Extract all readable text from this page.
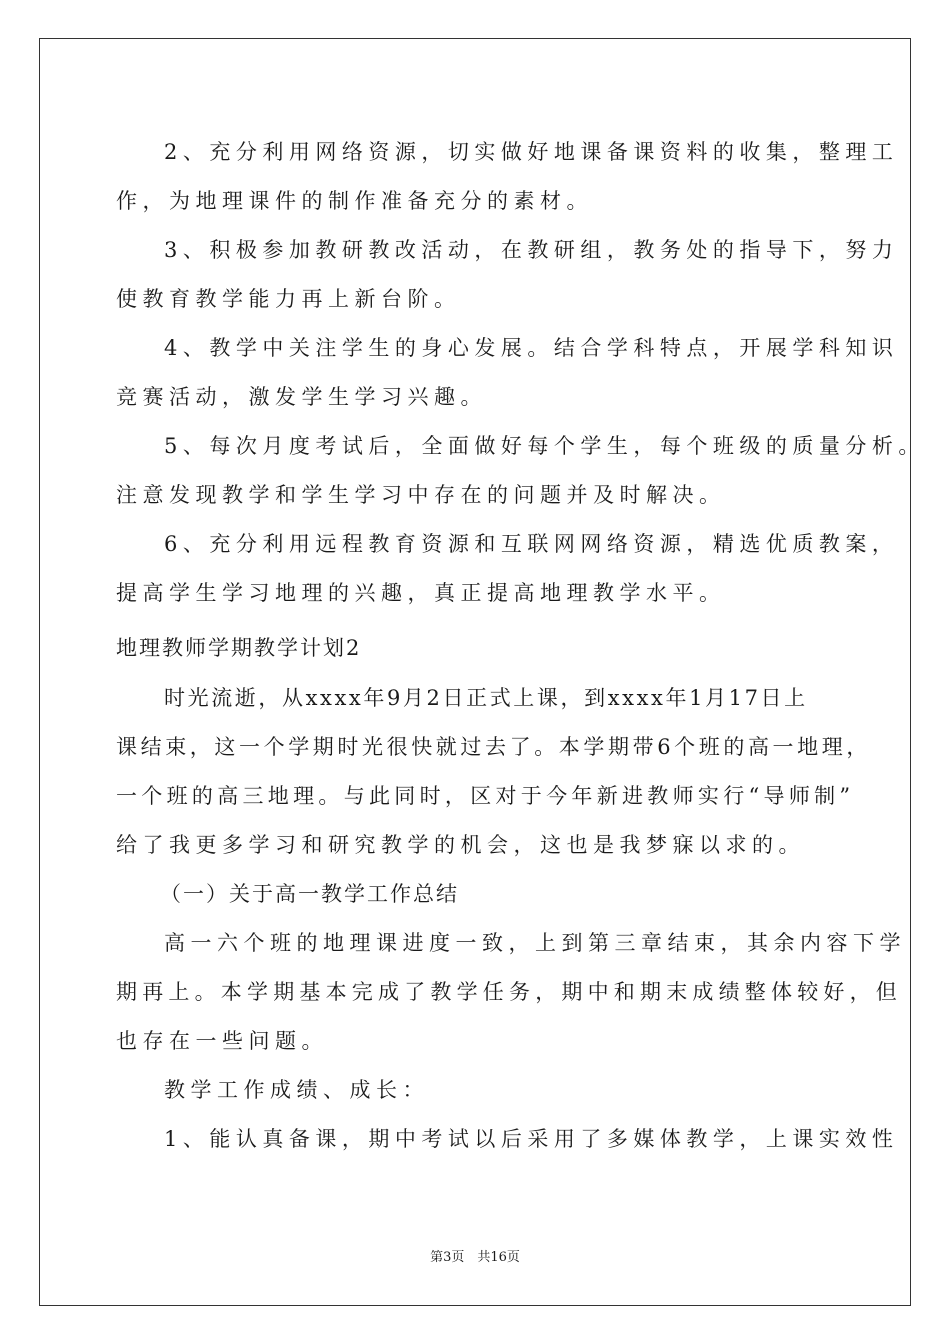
2、充分利用网络资源，切实做好地课备课资料的收集，整理工
作，为地理课件的制作准备充分的素材。
3、积极参加教研教改活动，在教研组，教务处的指导下，努力
使教育教学能力再上新台阶。
4、教学中关注学生的身心发展。结合学科特点，开展学科知识
竞赛活动，激发学生学习兴趣。
5、每次月度考试后，全面做好每个学生，每个班级的质量分析。
注意发现教学和学生学习中存在的问题并及时解决。
6、充分利用远程教育资源和互联网网络资源，精选优质教案，
提高学生学习地理的兴趣，真正提高地理教学水平。
地理教师学期教学计划2
时光流逝，从xxxx年9月2日正式上课，到xxxx年1月17日上
课结束，这一个学期时光很快就过去了。本学期带6个班的高一地理，
一个班的高三地理。与此同时，区对于今年新进教师实行“导师制”
给了我更多学习和研究教学的机会，这也是我梦寐以求的。
（一）关于高一教学工作总结
高一六个班的地理课进度一致，上到第三章结束，其余内容下学
期再上。本学期基本完成了教学任务，期中和期末成绩整体较好，但
也存在一些问题。
教学工作成绩、成长：
1、能认真备课，期中考试以后采用了多媒体教学，上课实效性
第3页　共16页
